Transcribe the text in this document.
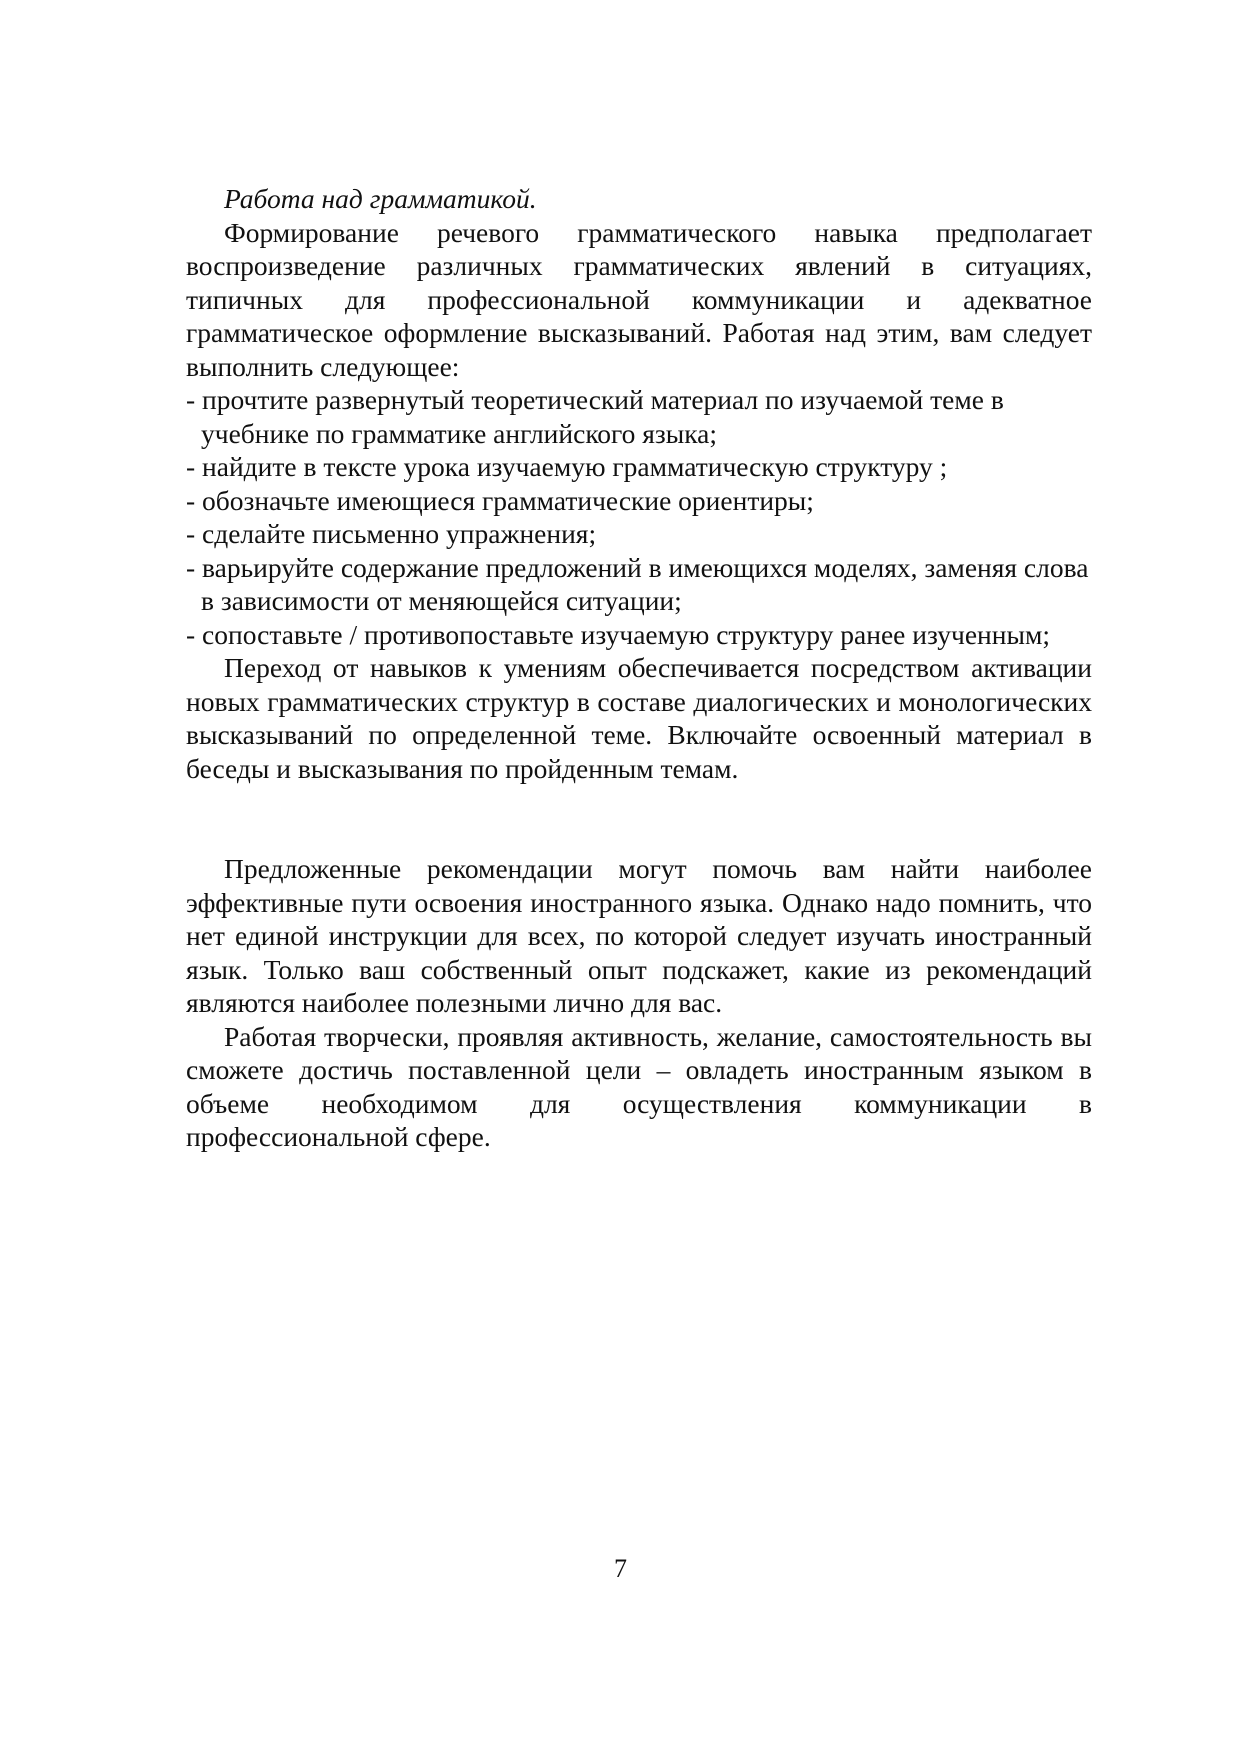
Работа над грамматикой.

Формирование речевого грамматического навыка предполагает воспроизведение различных грамматических явлений в ситуациях, типичных для профессиональной коммуникации и адекватное грамматическое оформление высказываний. Работая над этим, вам следует выполнить следующее:

- прочтите развернутый теоретический материал по изучаемой теме в учебнике по грамматике английского языка;
- найдите в тексте урока изучаемую грамматическую структуру ;
- обозначьте имеющиеся грамматические ориентиры;
- сделайте письменно упражнения;
- варьируйте содержание предложений в имеющихся моделях, заменяя слова в зависимости от меняющейся ситуации;
- сопоставьте / противопоставьте изучаемую структуру ранее изученным;

Переход от навыков к умениям обеспечивается посредством активации новых грамматических структур в составе диалогических и монологических высказываний по определенной теме. Включайте освоенный материал в беседы и высказывания по пройденным темам.

Предложенные рекомендации могут помочь вам найти наиболее эффективные пути освоения иностранного языка. Однако надо помнить, что нет единой инструкции для всех, по которой следует изучать иностранный язык. Только ваш собственный опыт подскажет, какие из рекомендаций являются наиболее полезными лично для вас.

Работая творчески, проявляя активность, желание, самостоятельность вы сможете достичь поставленной цели – овладеть иностранным языком в объеме необходимом для осуществления коммуникации в профессиональной сфере.

7
